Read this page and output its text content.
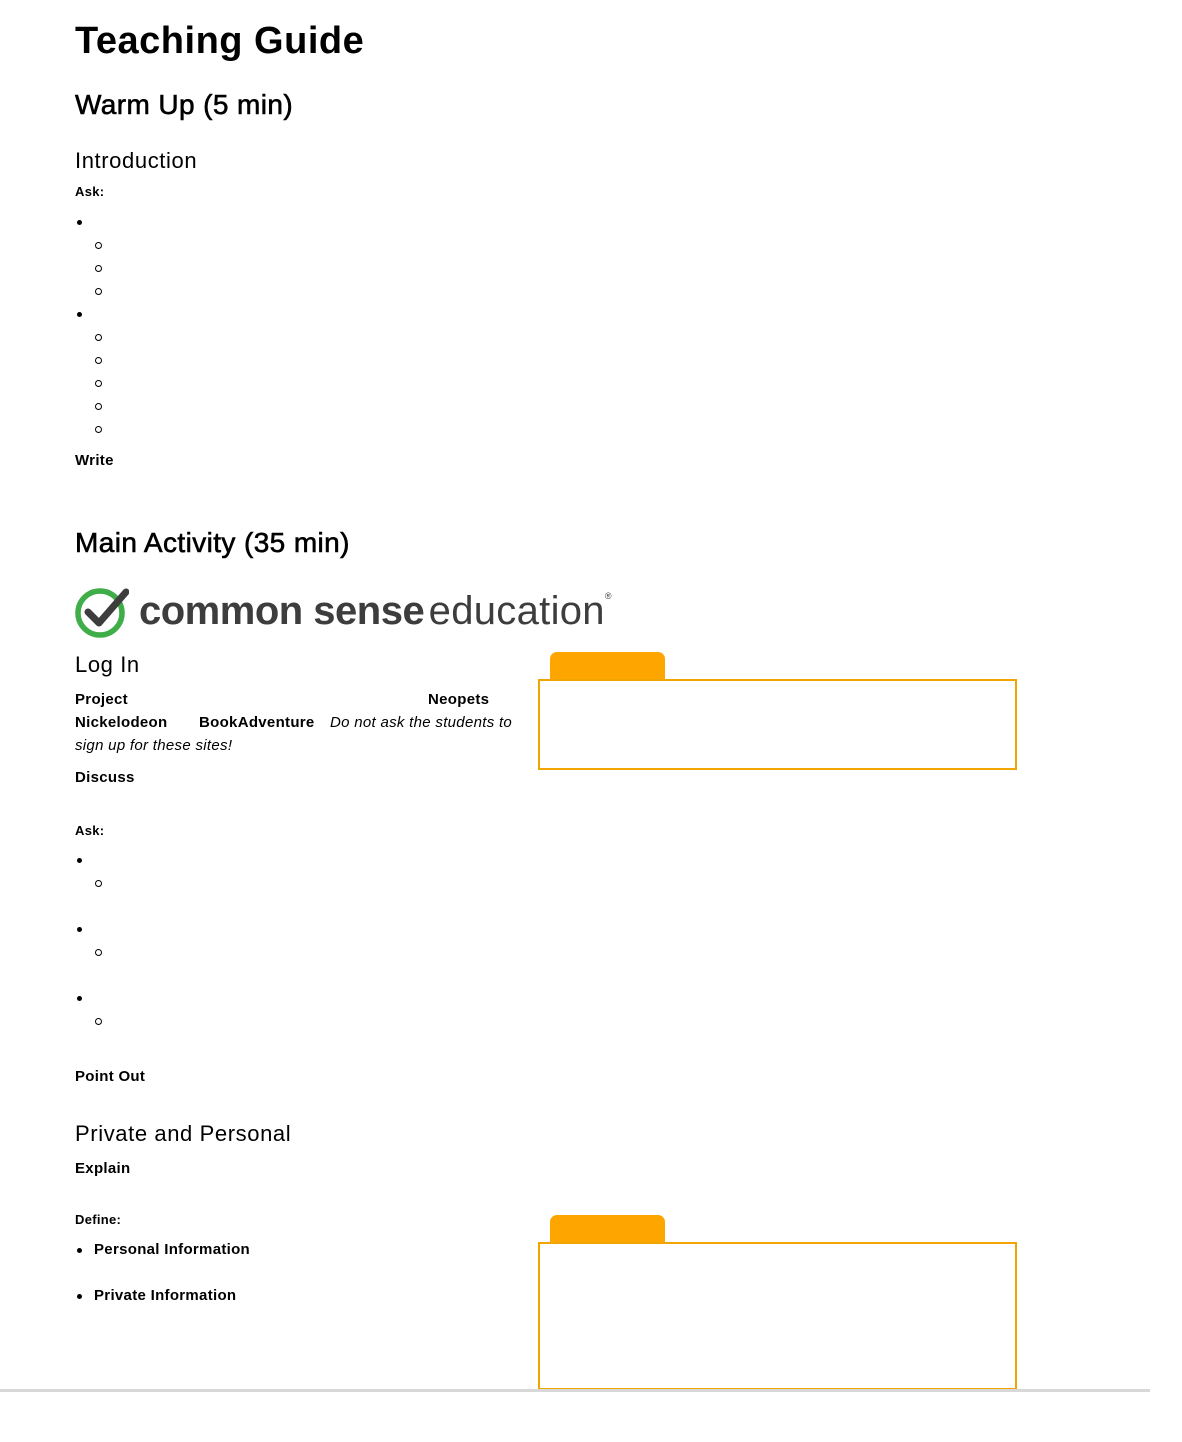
Teaching Guide
Warm Up (5 min)
Introduction
Ask:
Write
Main Activity (35 min)
common sense education®
Log In
Project	Neopets
Nickelodeon BookAdventure	Do not ask the students to sign up for these sites!
Discuss
Ask:
Point Out
Private and Personal
Explain
Define:
Personal Information
Private Information
